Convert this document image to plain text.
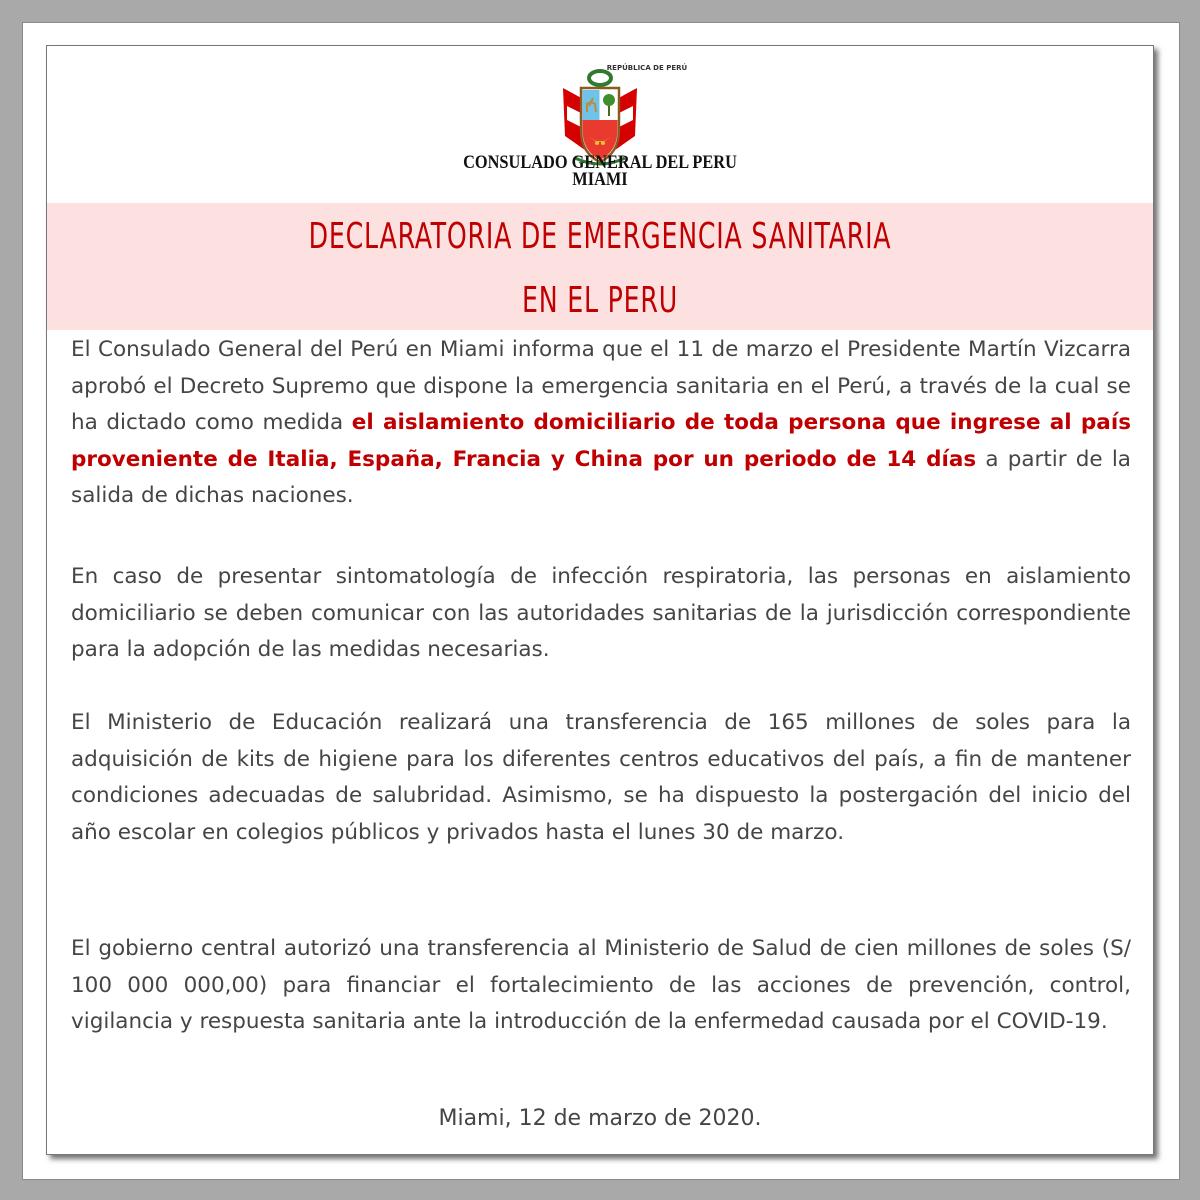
REPÚBLICA DE PERÚ
CONSULADO GENERAL DEL PERU
MIAMI
DECLARATORIA DE EMERGENCIA SANITARIA
EN EL PERU

El Consulado General del Perú en Miami informa que el 11 de marzo el Presidente Martín Vizcarra aprobó el Decreto Supremo que dispone la emergencia sanitaria en el Perú, a través de la cual se ha dictado como medida el aislamiento domiciliario de toda persona que ingrese al país proveniente de Italia, España, Francia y China por un periodo de 14 días a partir de la salida de dichas naciones.

En caso de presentar sintomatología de infección respiratoria, las personas en aislamiento domiciliario se deben comunicar con las autoridades sanitarias de la jurisdicción correspondiente para la adopción de las medidas necesarias.

El Ministerio de Educación realizará una transferencia de 165 millones de soles para la adquisición de kits de higiene para los diferentes centros educativos del país, a fin de mantener condiciones adecuadas de salubridad. Asimismo, se ha dispuesto la postergación del inicio del año escolar en colegios públicos y privados hasta el lunes 30 de marzo.

El gobierno central autorizó una transferencia al Ministerio de Salud de cien millones de soles (S/ 100 000 000,00) para financiar el fortalecimiento de las acciones de prevención, control, vigilancia y respuesta sanitaria ante la introducción de la enfermedad causada por el COVID-19.

Miami, 12 de marzo de 2020.
